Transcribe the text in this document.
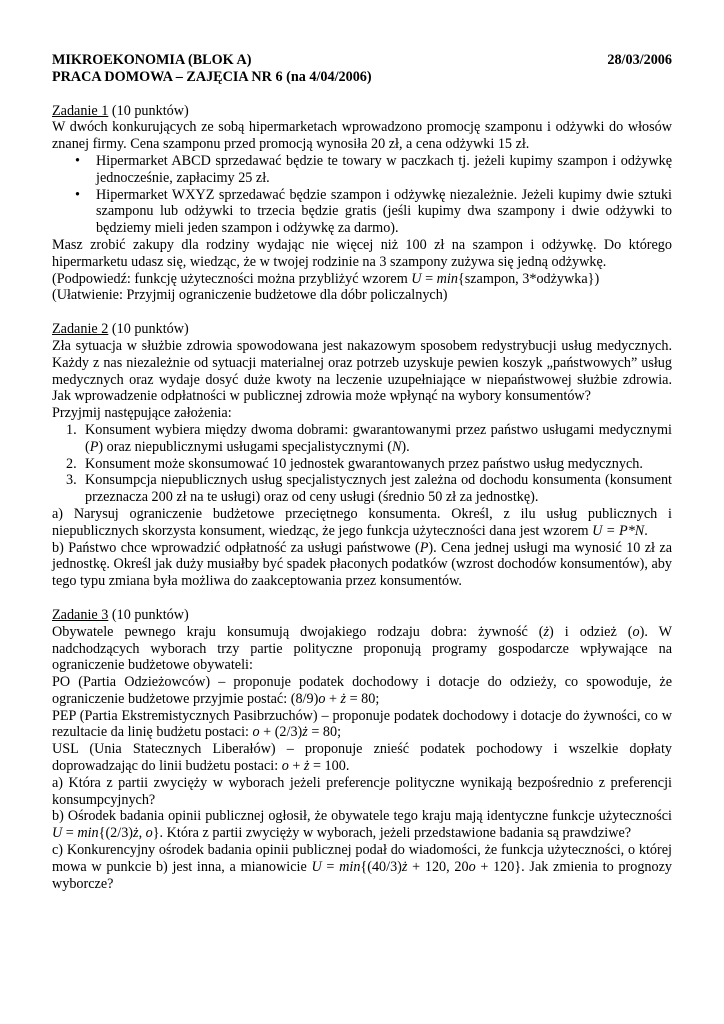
MIKROEKONOMIA (BLOK A)	28/03/2006
PRACA DOMOWA – ZAJĘCIA NR 6 (na 4/04/2006)

Zadanie 1 (10 punktów)

W dwóch konkurujących ze sobą hipermarketach wprowadzono promocję szamponu i odżywki do włosów znanej firmy. Cena szamponu przed promocją wynosiła 20 zł, a cena odżywki 15 zł.

• Hipermarket ABCD sprzedawać będzie te towary w paczkach tj. jeżeli kupimy szampon i odżywkę jednocześnie, zapłacimy 25 zł.
• Hipermarket WXYZ sprzedawać będzie szampon i odżywkę niezależnie. Jeżeli kupimy dwie sztuki szamponu lub odżywki to trzecia będzie gratis (jeśli kupimy dwa szampony i dwie odżywki to będziemy mieli jeden szampon i odżywkę za darmo).

Masz zrobić zakupy dla rodziny wydając nie więcej niż 100 zł na szampon i odżywkę. Do którego hipermarketu udasz się, wiedząc, że w twojej rodzinie na 3 szampony zużywa się jedną odżywkę.

(Podpowiedź: funkcję użyteczności można przybliżyć wzorem U = min{szampon, 3*odżywka})

(Ułatwienie: Przyjmij ograniczenie budżetowe dla dóbr policzalnych)

Zadanie 2 (10 punktów)

Zła sytuacja w służbie zdrowia spowodowana jest nakazowym sposobem redystrybucji usług medycznych. Każdy z nas niezależnie od sytuacji materialnej oraz potrzeb uzyskuje pewien koszyk „państwowych” usług medycznych oraz wydaje dosyć duże kwoty na leczenie uzupełniające w niepaństwowej służbie zdrowia. Jak wprowadzenie odpłatności w publicznej zdrowia może wpłynąć na wybory konsumentów?

Przyjmij następujące założenia:

1. Konsument wybiera między dwoma dobrami: gwarantowanymi przez państwo usługami medycznymi (P) oraz niepublicznymi usługami specjalistycznymi (N).
2. Konsument może skonsumować 10 jednostek gwarantowanych przez państwo usług medycznych.
3. Konsumpcja niepublicznych usług specjalistycznych jest zależna od dochodu konsumenta (konsument przeznacza 200 zł na te usługi) oraz od ceny usługi (średnio 50 zł za jednostkę).

a) Narysuj ograniczenie budżetowe przeciętnego konsumenta. Określ, z ilu usług publicznych i niepublicznych skorzysta konsument, wiedząc, że jego funkcja użyteczności dana jest wzorem U = P*N.

b) Państwo chce wprowadzić odpłatność za usługi państwowe (P). Cena jednej usługi ma wynosić 10 zł za jednostkę. Określ jak duży musiałby być spadek płaconych podatków (wzrost dochodów konsumentów), aby tego typu zmiana była możliwa do zaakceptowania przez konsumentów.

Zadanie 3 (10 punktów)

Obywatele pewnego kraju konsumują dwojakiego rodzaju dobra: żywność (ż) i odzież (o). W nadchodzących wyborach trzy partie polityczne proponują programy gospodarcze wpływające na ograniczenie budżetowe obywateli:

PO (Partia Odzieżowców) – proponuje podatek dochodowy i dotacje do odzieży, co spowoduje, że ograniczenie budżetowe przyjmie postać: (8/9)o + ż = 80;

PEP (Partia Ekstremistycznych Pasibrzuchów) – proponuje podatek dochodowy i dotacje do żywności, co w rezultacie da linię budżetu postaci: o + (2/3)ż = 80;

USL (Unia Statecznych Liberałów) – proponuje znieść podatek pochodowy i wszelkie dopłaty doprowadzając do linii budżetu postaci: o + ż = 100.

a) Która z partii zwycięży w wyborach jeżeli preferencje polityczne wynikają bezpośrednio z preferencji konsumpcyjnych?

b) Ośrodek badania opinii publicznej ogłosił, że obywatele tego kraju mają identyczne funkcje użyteczności U = min{(2/3)ż, o}. Która z partii zwycięży w wyborach, jeżeli przedstawione badania są prawdziwe?

c) Konkurencyjny ośrodek badania opinii publicznej podał do wiadomości, że funkcja użyteczności, o której mowa w punkcie b) jest inna, a mianowicie U = min{(40/3)ż + 120, 20o + 120}. Jak zmienia to prognozy wyborcze?
